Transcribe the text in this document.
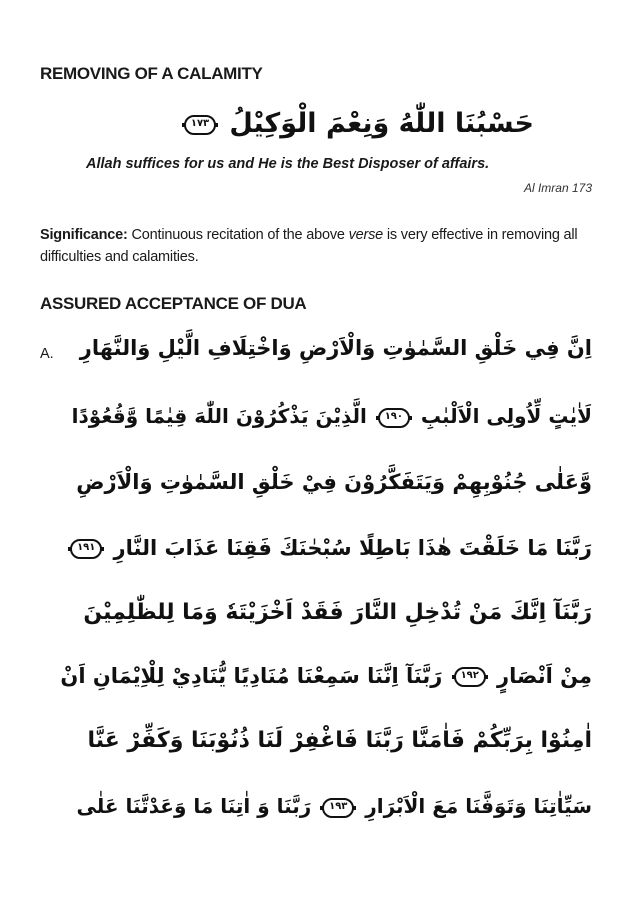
REMOVING OF A CALAMITY
حَسْبُنَا اللّٰهُ وَنِعْمَ الْوَكِيْلُ
١٧٣
Allah suffices for us and He is the Best Disposer of affairs.
Al Imran 173
Significance: Continuous recitation of the above verse is very effective in removing all difficulties and calamities.
ASSURED ACCEPTANCE OF DUA
A. اِنَّ فِي خَلْقِ السَّمٰوٰتِ وَالْاَرْضِ وَاخْتِلَافِ الَّيْلِ وَالنَّهَارِ
لَاٰيٰتٍ لِّاُولِى الْاَلْبٰبِ
١٩٠
الَّذِيْنَ يَذْكُرُوْنَ اللّٰهَ قِيٰمًا وَّقُعُوْدًا
وَّعَلٰى جُنُوْبِهِمْ وَيَتَفَكَّرُوْنَ فِيْ خَلْقِ السَّمٰوٰتِ وَالْاَرْضِ
رَبَّنَا مَا خَلَقْتَ هٰذَا بَاطِلًا سُبْحٰنَكَ فَقِنَا عَذَابَ النَّارِ
١٩١
رَبَّنَآ اِنَّكَ مَنْ تُدْخِلِ النَّارَ فَقَدْ اَخْزَيْتَهٗ وَمَا لِلظّٰلِمِيْنَ
مِنْ اَنْصَارٍ
١٩٢
رَبَّنَآ اِنَّنَا سَمِعْنَا مُنَادِيًا يُّنَادِيْ لِلْاِيْمَانِ اَنْ
اٰمِنُوْا بِرَبِّكُمْ فَاٰمَنَّا رَبَّنَا فَاغْفِرْ لَنَا ذُنُوْبَنَا وَكَفِّرْ عَنَّا
سَيِّاٰتِنَا وَتَوَفَّنَا مَعَ الْاَبْرَارِ
١٩٣
رَبَّنَا وَ اٰتِنَا مَا وَعَدْتَّنَا عَلٰى
